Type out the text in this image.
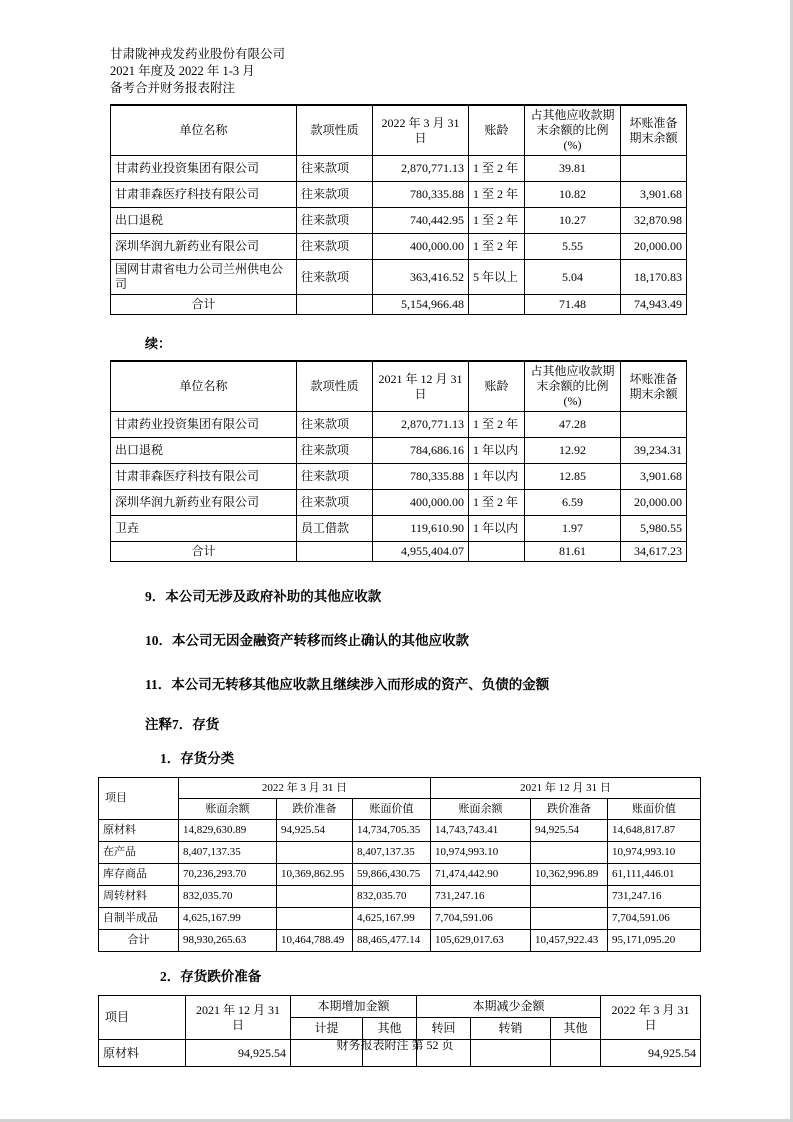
甘肃陇神戎发药业股份有限公司
2021 年度及 2022 年 1-3 月
备考合并财务报表附注
单位名称	款项性质	2022 年 3 月 31 日	账龄	占其他应收款期末余额的比例(%)	坏账准备期末余额
甘肃药业投资集团有限公司	往来款项	2,870,771.13	1 至 2 年	39.81	
甘肃菲森医疗科技有限公司	往来款项	780,335.88	1 至 2 年	10.82	3,901.68
出口退税	往来款项	740,442.95	1 至 2 年	10.27	32,870.98
深圳华润九新药业有限公司	往来款项	400,000.00	1 至 2 年	5.55	20,000.00
国网甘肃省电力公司兰州供电公司	往来款项	363,416.52	5 年以上	5.04	18,170.83
合计		5,154,966.48		71.48	74,943.49
续：
单位名称	款项性质	2021 年 12 月 31 日	账龄	占其他应收款期末余额的比例(%)	坏账准备期末余额
甘肃药业投资集团有限公司	往来款项	2,870,771.13	1 至 2 年	47.28	
出口退税	往来款项	784,686.16	1 年以内	12.92	39,234.31
甘肃菲森医疗科技有限公司	往来款项	780,335.88	1 年以内	12.85	3,901.68
深圳华润九新药业有限公司	往来款项	400,000.00	1 至 2 年	6.59	20,000.00
卫垚	员工借款	119,610.90	1 年以内	1.97	5,980.55
合计		4,955,404.07		81.61	34,617.23
9．本公司无涉及政府补助的其他应收款
10．本公司无因金融资产转移而终止确认的其他应收款
11．本公司无转移其他应收款且继续涉入而形成的资产、负债的金额
注释7．存货
1．存货分类
项目	2022 年 3 月 31 日			2021 年 12 月 31 日		
	账面余额	跌价准备	账面价值	账面余额	跌价准备	账面价值
原材料	14,829,630.89	94,925.54	14,734,705.35	14,743,743.41	94,925.54	14,648,817.87
在产品	8,407,137.35		8,407,137.35	10,974,993.10		10,974,993.10
库存商品	70,236,293.70	10,369,862.95	59,866,430.75	71,474,442.90	10,362,996.89	61,111,446.01
周转材料	832,035.70		832,035.70	731,247.16		731,247.16
自制半成品	4,625,167.99		4,625,167.99	7,704,591.06		7,704,591.06
合计	98,930,265.63	10,464,788.49	88,465,477.14	105,629,017.63	10,457,922.43	95,171,095.20
2．存货跌价准备
项目	2021 年 12 月 31 日	本期增加金额		本期减少金额			2022 年 3 月 31 日
		计提	其他	转回	转销	其他	
原材料	94,925.54						94,925.54
财务报表附注 第 52 页
